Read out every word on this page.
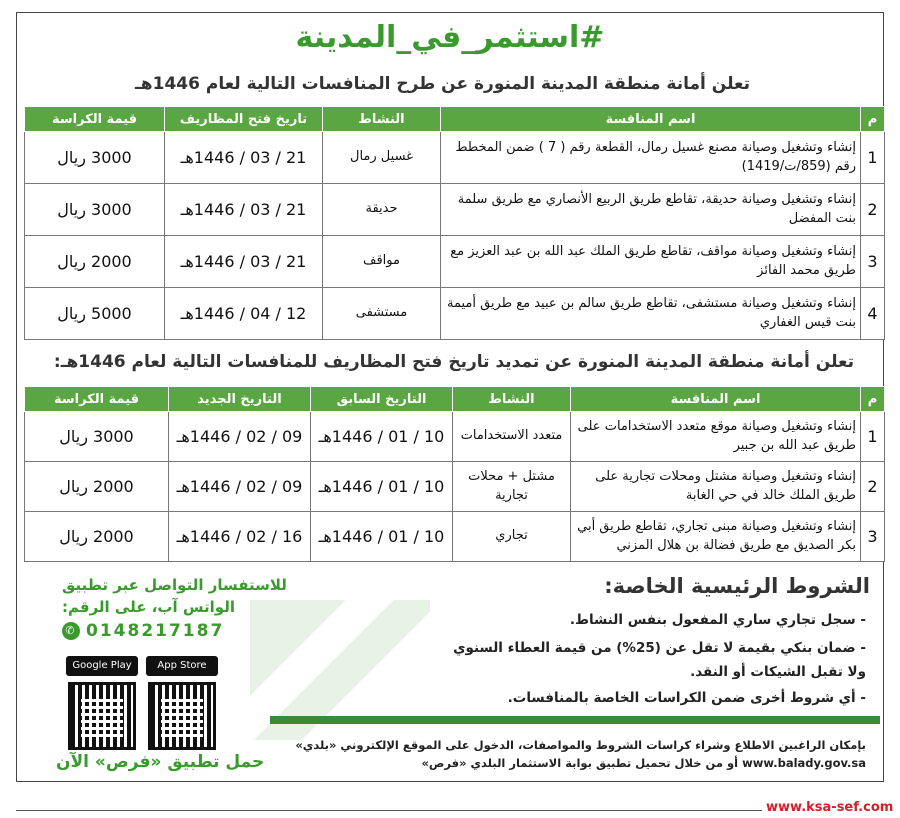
#استثمر_في_المدينة
تعلن أمانة منطقة المدينة المنورة عن طرح المنافسات التالية لعام 1446هـ
م	اسم المنافسة	النشاط	تاريخ فتح المظاريف	قيمة الكراسة
1	إنشاء وتشغيل وصيانة مصنع غسيل رمال، القطعة رقم ( 7 ) ضمن المخطط رقم (859/ت/1419)	غسيل رمال	21 / 03 / 1446هـ	3000 ريال
2	إنشاء وتشغيل وصيانة حديقة، تقاطع طريق الربيع الأنصاري مع طريق سلمة بنت المفضل	حديقة	21 / 03 / 1446هـ	3000 ريال
3	إنشاء وتشغيل وصيانة مواقف، تقاطع طريق الملك عبد الله بن عبد العزيز مع طريق محمد الفائز	مواقف	21 / 03 / 1446هـ	2000 ريال
4	إنشاء وتشغيل وصيانة مستشفى، تقاطع طريق سالم بن عبيد مع طريق أميمة بنت قيس الغفاري	مستشفى	12 / 04 / 1446هـ	5000 ريال
تعلن أمانة منطقة المدينة المنورة عن تمديد تاريخ فتح المظاريف للمنافسات التالية لعام 1446هـ:
م	اسم المنافسة	النشاط	التاريخ السابق	التاريخ الجديد	قيمة الكراسة
1	إنشاء وتشغيل وصيانة موقع متعدد الاستخدامات على طريق عبد الله بن جبير	متعدد الاستخدامات	10 / 01 / 1446هـ	09 / 02 / 1446هـ	3000 ريال
2	إنشاء وتشغيل وصيانة مشتل ومحلات تجارية على طريق الملك خالد في حي الغابة	مشتل + محلات تجارية	10 / 01 / 1446هـ	09 / 02 / 1446هـ	2000 ريال
3	إنشاء وتشغيل وصيانة مبنى تجاري، تقاطع طريق أبي بكر الصديق مع طريق فضالة بن هلال المزني	تجاري	10 / 01 / 1446هـ	16 / 02 / 1446هـ	2000 ريال
الشروط الرئيسية الخاصة:
- سجل تجاري ساري المفعول بنفس النشاط.
- ضمان بنكي بقيمة لا تقل عن (25%) من قيمة العطاء السنوي
ولا تقبل الشيكات أو النقد.
- أي شروط أخرى ضمن الكراسات الخاصة بالمنافسات.
للاستفسار التواصل عبر تطبيق
الواتس آب، على الرقم:
✆ 0148217187
Google Play	App Store
حمل تطبيق «فرص» الآن
بإمكان الراغبين الاطلاع وشراء كراسات الشروط والمواصفات، الدخول على الموقع الإلكتروني «بلدي»
www.balady.gov.sa أو من خلال تحميل تطبيق بوابة الاستثمار البلدي «فرص»
www.ksa-sef.com
